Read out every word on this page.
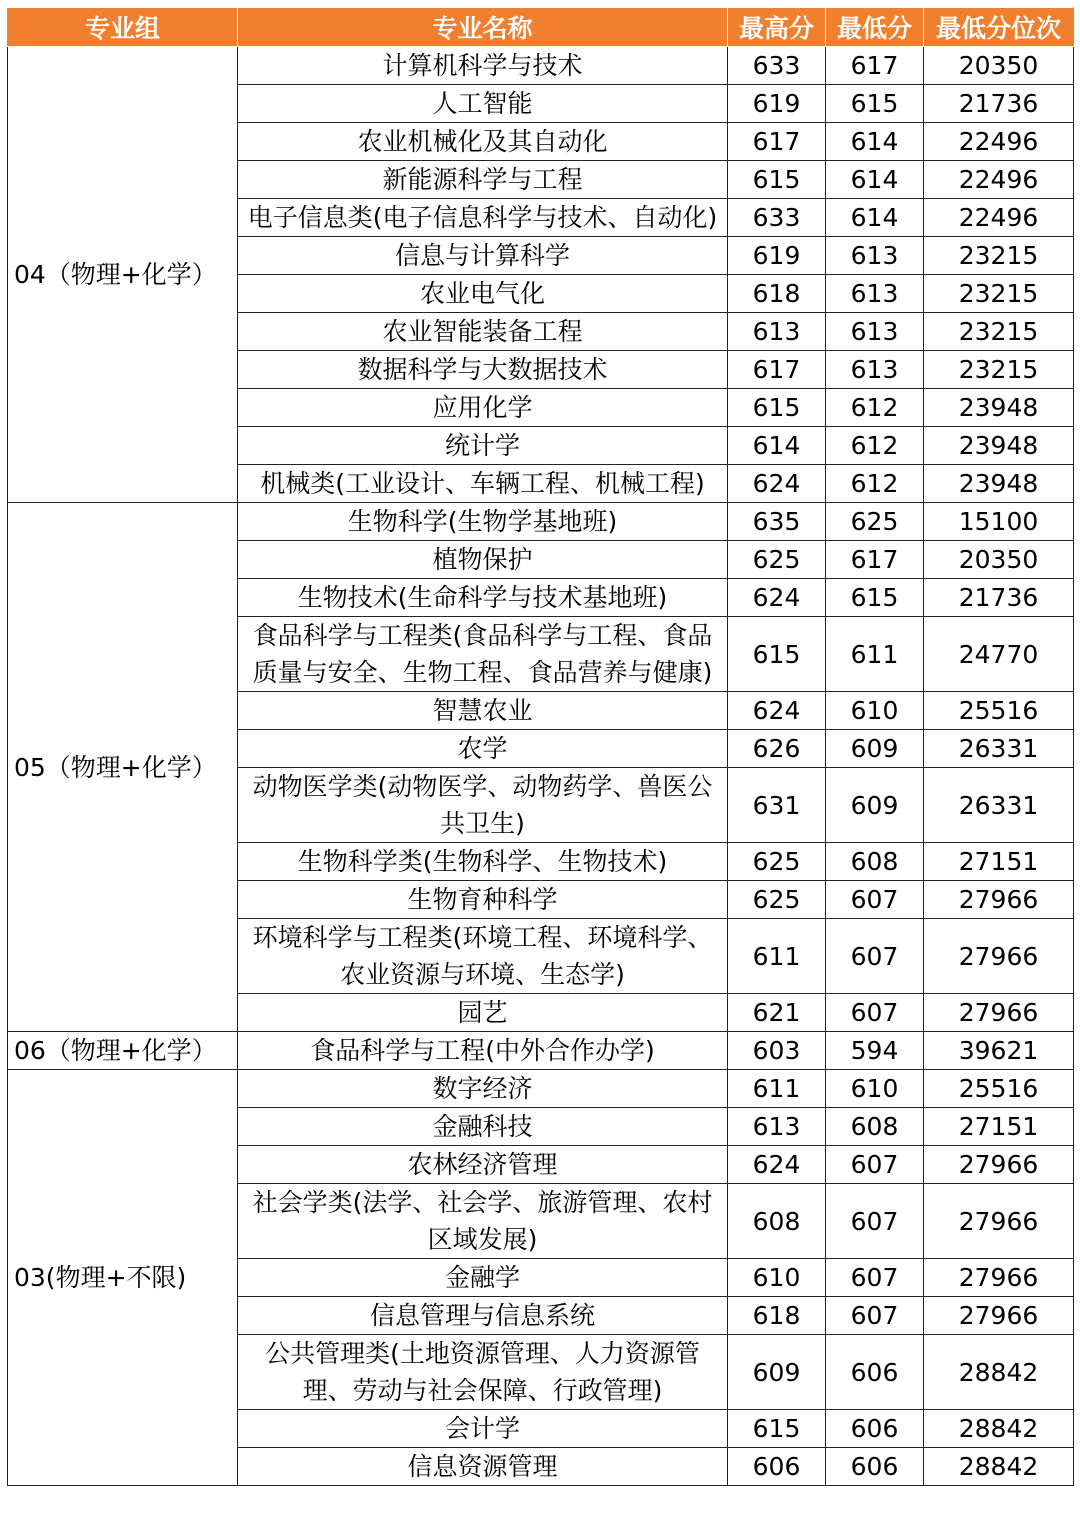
专业组	专业名称	最高分	最低分	最低分位次
04（物理+化学）	计算机科学与技术	633	617	20350
	人工智能	619	615	21736
	农业机械化及其自动化	617	614	22496
	新能源科学与工程	615	614	22496
	电子信息类(电子信息科学与技术、自动化)	633	614	22496
	信息与计算科学	619	613	23215
	农业电气化	618	613	23215
	农业智能装备工程	613	613	23215
	数据科学与大数据技术	617	613	23215
	应用化学	615	612	23948
	统计学	614	612	23948
	机械类(工业设计、车辆工程、机械工程)	624	612	23948
05（物理+化学）	生物科学(生物学基地班)	635	625	15100
	植物保护	625	617	20350
	生物技术(生命科学与技术基地班)	624	615	21736
	食品科学与工程类(食品科学与工程、食品质量与安全、生物工程、食品营养与健康)	615	611	24770
	智慧农业	624	610	25516
	农学	626	609	26331
	动物医学类(动物医学、动物药学、兽医公共卫生)	631	609	26331
	生物科学类(生物科学、生物技术)	625	608	27151
	生物育种科学	625	607	27966
	环境科学与工程类(环境工程、环境科学、农业资源与环境、生态学)	611	607	27966
	园艺	621	607	27966
06（物理+化学）	食品科学与工程(中外合作办学)	603	594	39621
03(物理+不限)	数字经济	611	610	25516
	金融科技	613	608	27151
	农林经济管理	624	607	27966
	社会学类(法学、社会学、旅游管理、农村区域发展)	608	607	27966
	金融学	610	607	27966
	信息管理与信息系统	618	607	27966
	公共管理类(土地资源管理、人力资源管理、劳动与社会保障、行政管理)	609	606	28842
	会计学	615	606	28842
	信息资源管理	606	606	28842
